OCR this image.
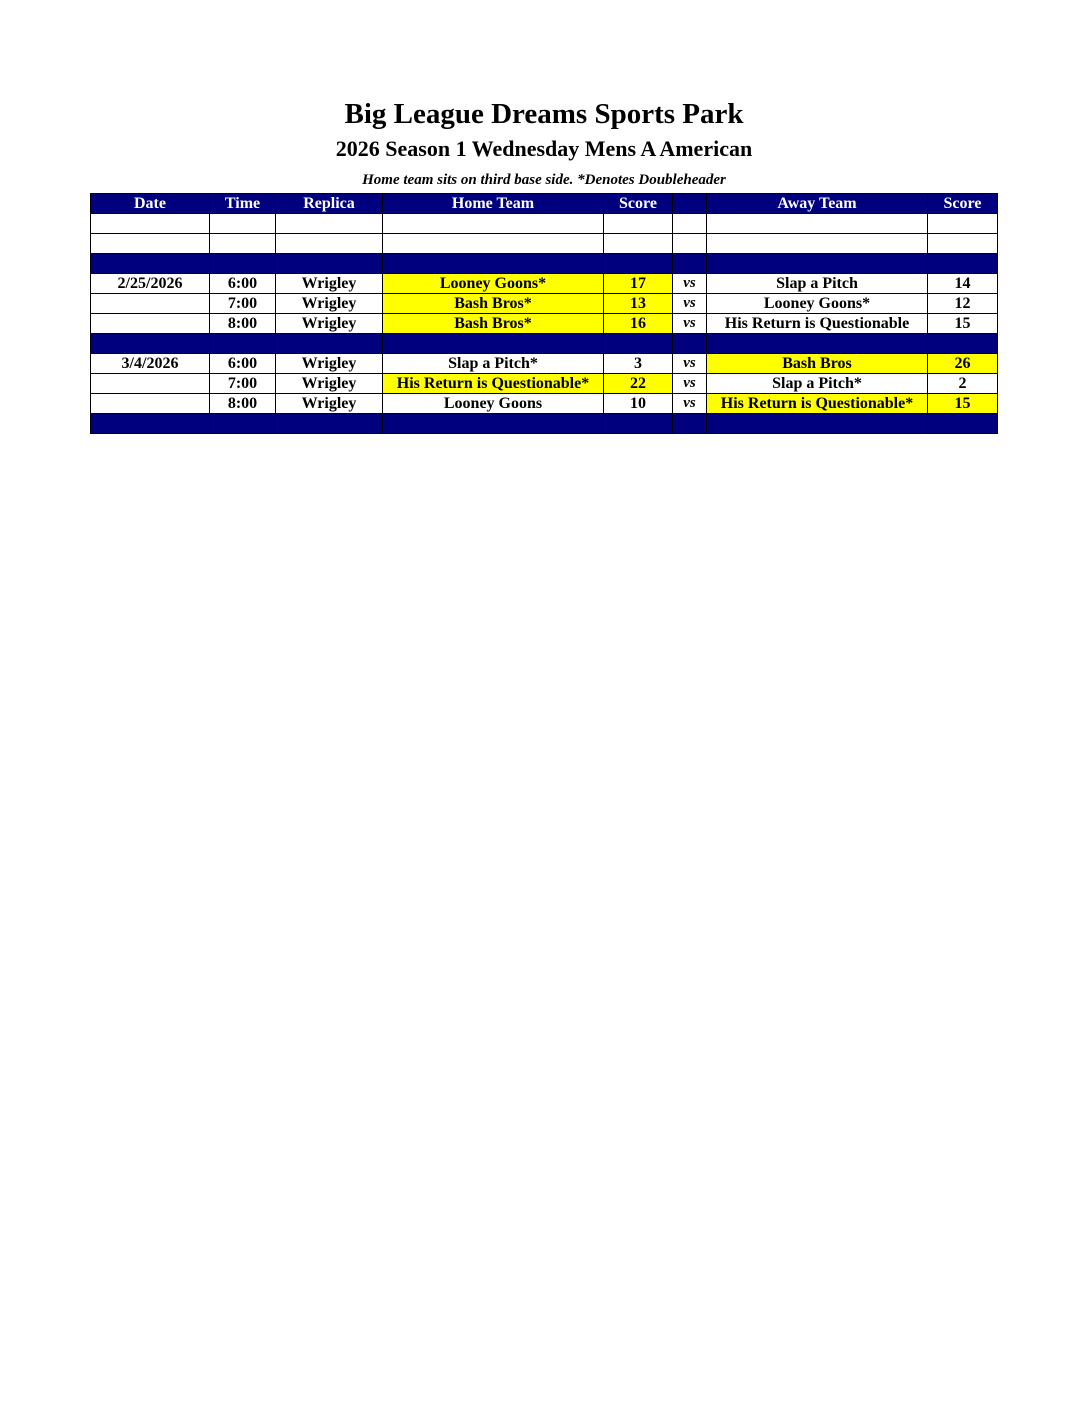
Big League Dreams Sports Park
2026 Season 1 Wednesday Mens A American
Home team sits on third base side. *Denotes Doubleheader
Date	Time	Replica	Home Team	Score		Away Team	Score

2/25/2026	6:00	Wrigley	Looney Goons*	17	vs	Slap a Pitch	14
	7:00	Wrigley	Bash Bros*	13	vs	Looney Goons*	12
	8:00	Wrigley	Bash Bros*	16	vs	His Return is Questionable	15

3/4/2026	6:00	Wrigley	Slap a Pitch*	3	vs	Bash Bros	26
	7:00	Wrigley	His Return is Questionable*	22	vs	Slap a Pitch*	2
	8:00	Wrigley	Looney Goons	10	vs	His Return is Questionable*	15
